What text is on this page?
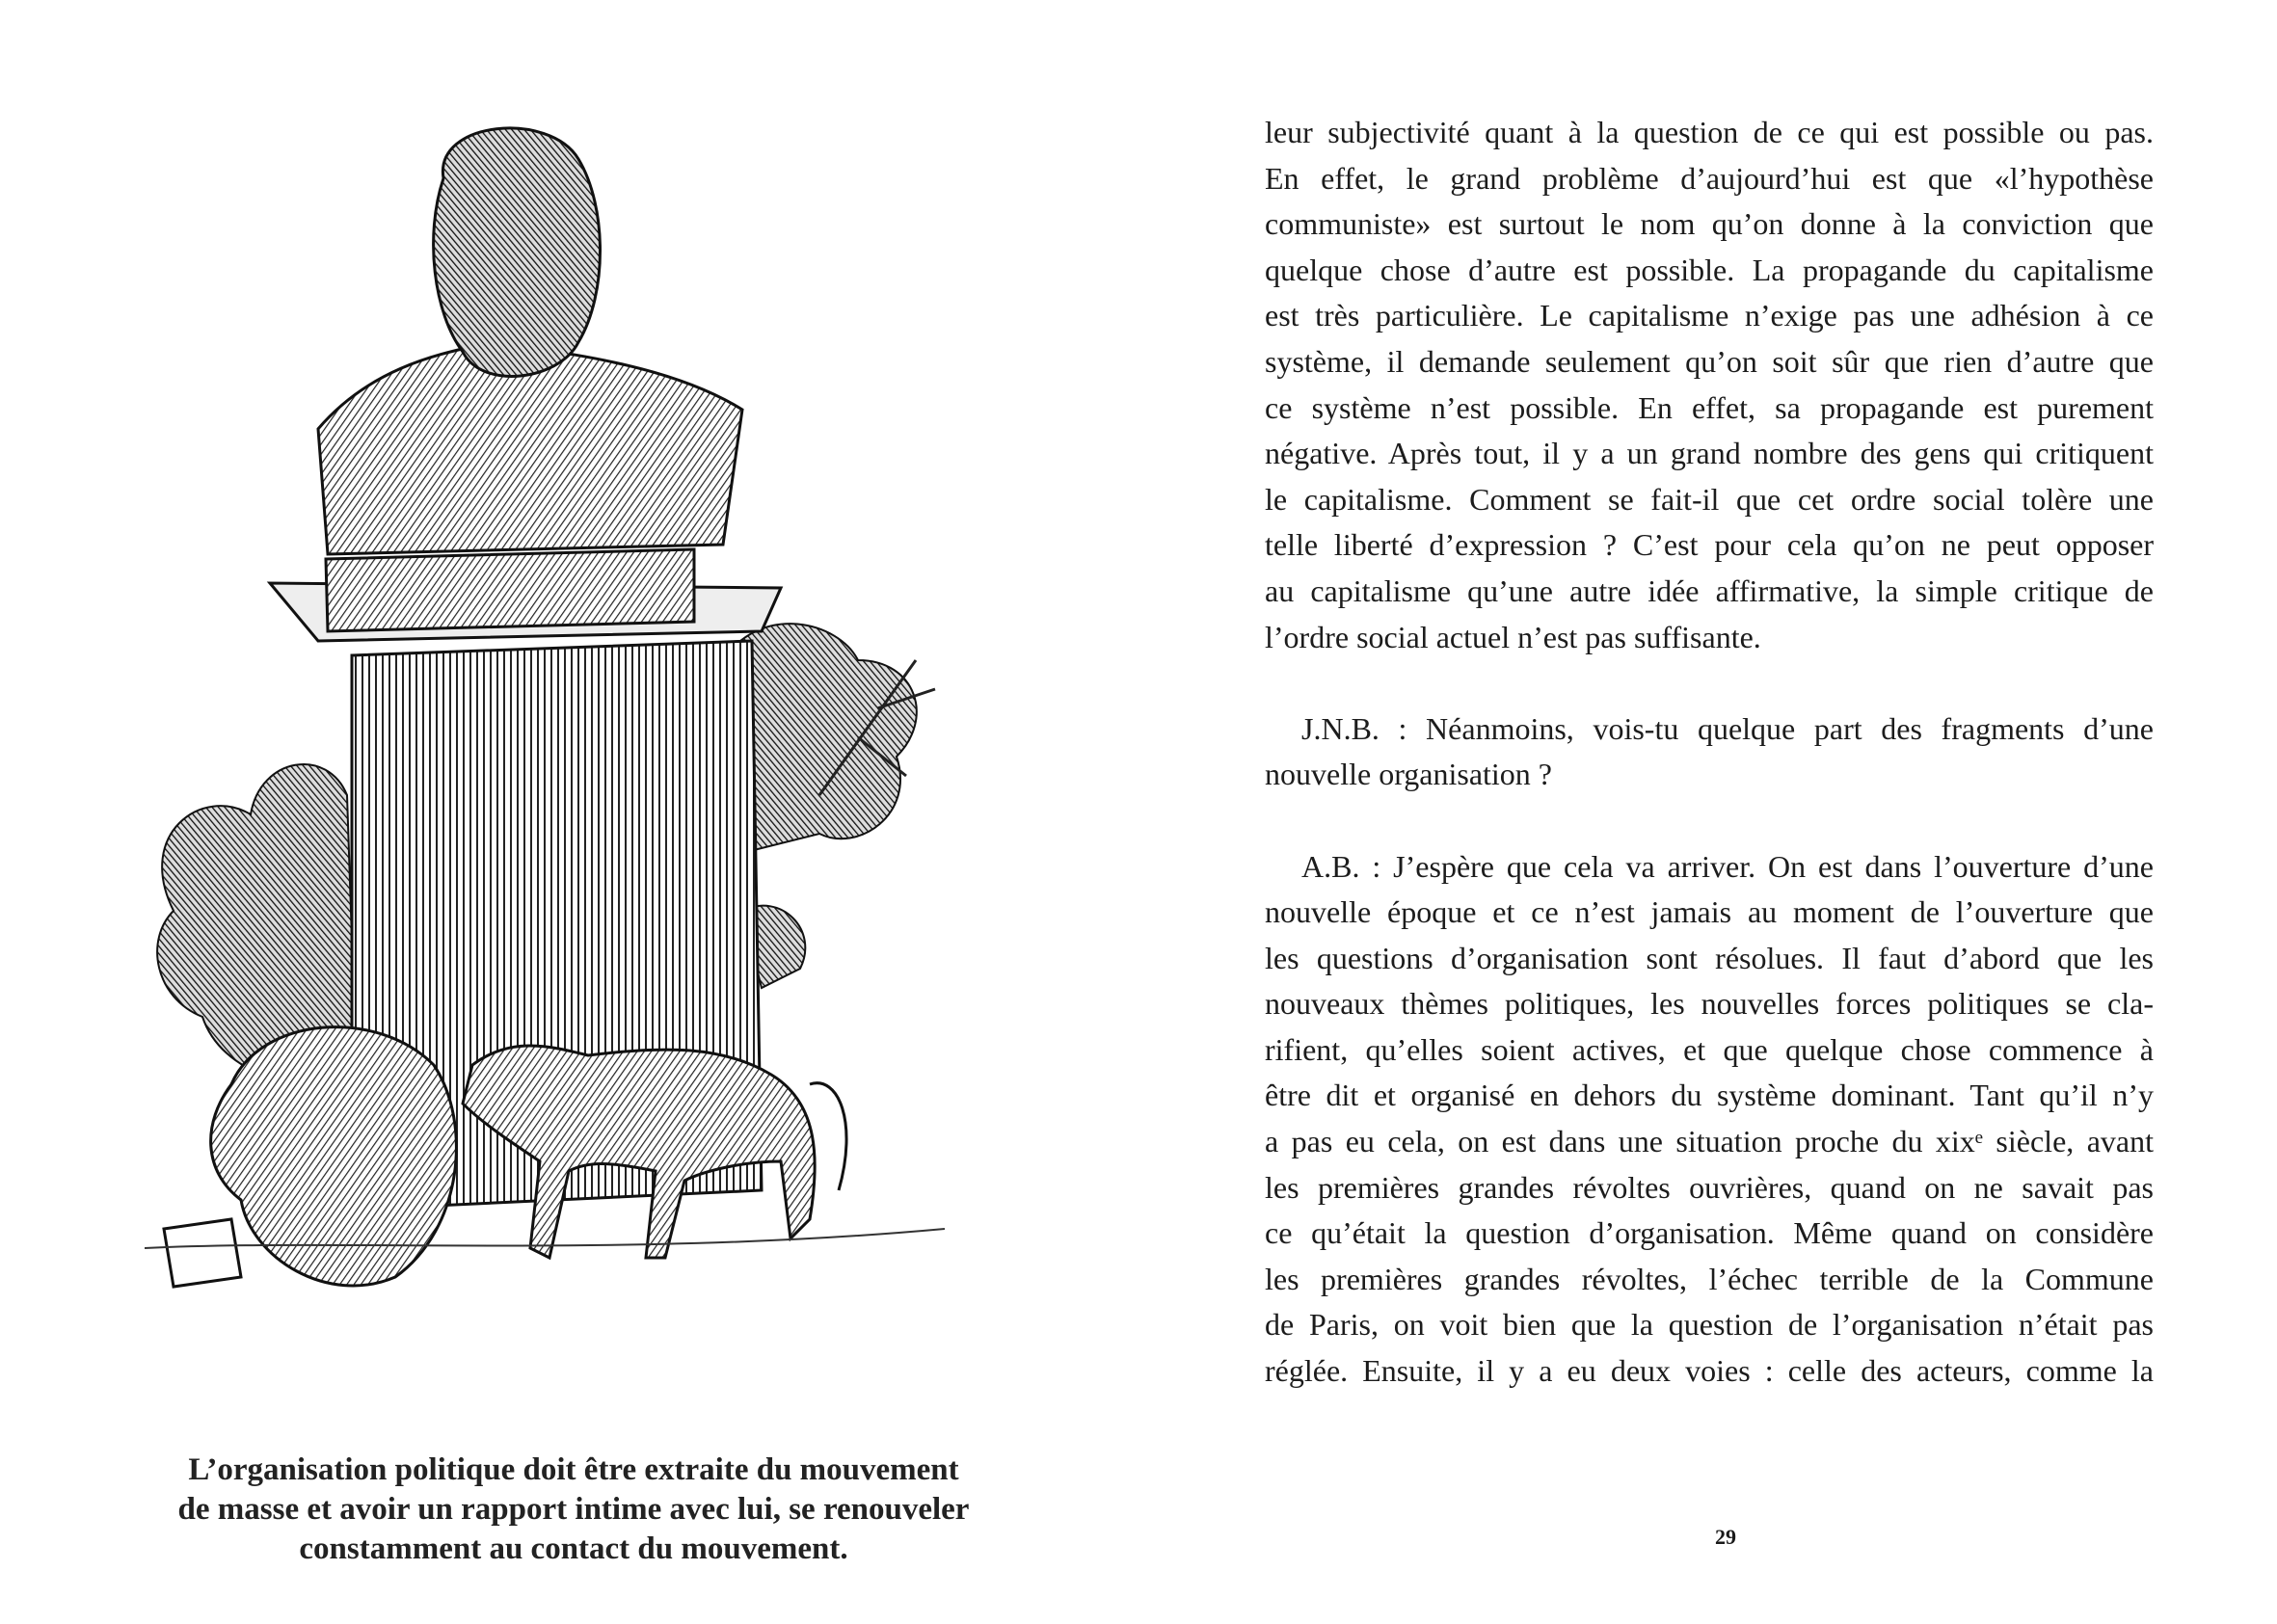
L’organisation politique doit être extraite du mouvement
de masse et avoir un rapport intime avec lui, se renouveler
constamment au contact du mouvement.
leur subjectivité quant à la question de ce qui est possible ou pas.
En effet, le grand problème d’aujourd’hui est que «l’hypothèse
communiste» est surtout le nom qu’on donne à la conviction que
quelque chose d’autre est possible. La propagande du capitalisme
est très particulière. Le capitalisme n’exige pas une adhésion à ce
système, il demande seulement qu’on soit sûr que rien d’autre que
ce système n’est possible. En effet, sa propagande est purement
négative. Après tout, il y a un grand nombre des gens qui critiquent
le capitalisme. Comment se fait-il que cet ordre social tolère une
telle liberté d’expression ? C’est pour cela qu’on ne peut opposer
au capitalisme qu’une autre idée affirmative, la simple critique de
l’ordre social actuel n’est pas suffisante.
J.N.B. : Néanmoins, vois-tu quelque part des fragments d’une
nouvelle organisation ?
A.B. : J’espère que cela va arriver. On est dans l’ouverture d’une
nouvelle époque et ce n’est jamais au moment de l’ouverture que
les questions d’organisation sont résolues. Il faut d’abord que les
nouveaux thèmes politiques, les nouvelles forces politiques se cla-
rifient, qu’elles soient actives, et que quelque chose commence à
être dit et organisé en dehors du système dominant. Tant qu’il n’y
a pas eu cela, on est dans une situation proche du xixᵉ siècle, avant
les premières grandes révoltes ouvrières, quand on ne savait pas
ce qu’était la question d’organisation. Même quand on considère
les premières grandes révoltes, l’échec terrible de la Commune
de Paris, on voit bien que la question de l’organisation n’était pas
réglée. Ensuite, il y a eu deux voies : celle des acteurs, comme la
29
